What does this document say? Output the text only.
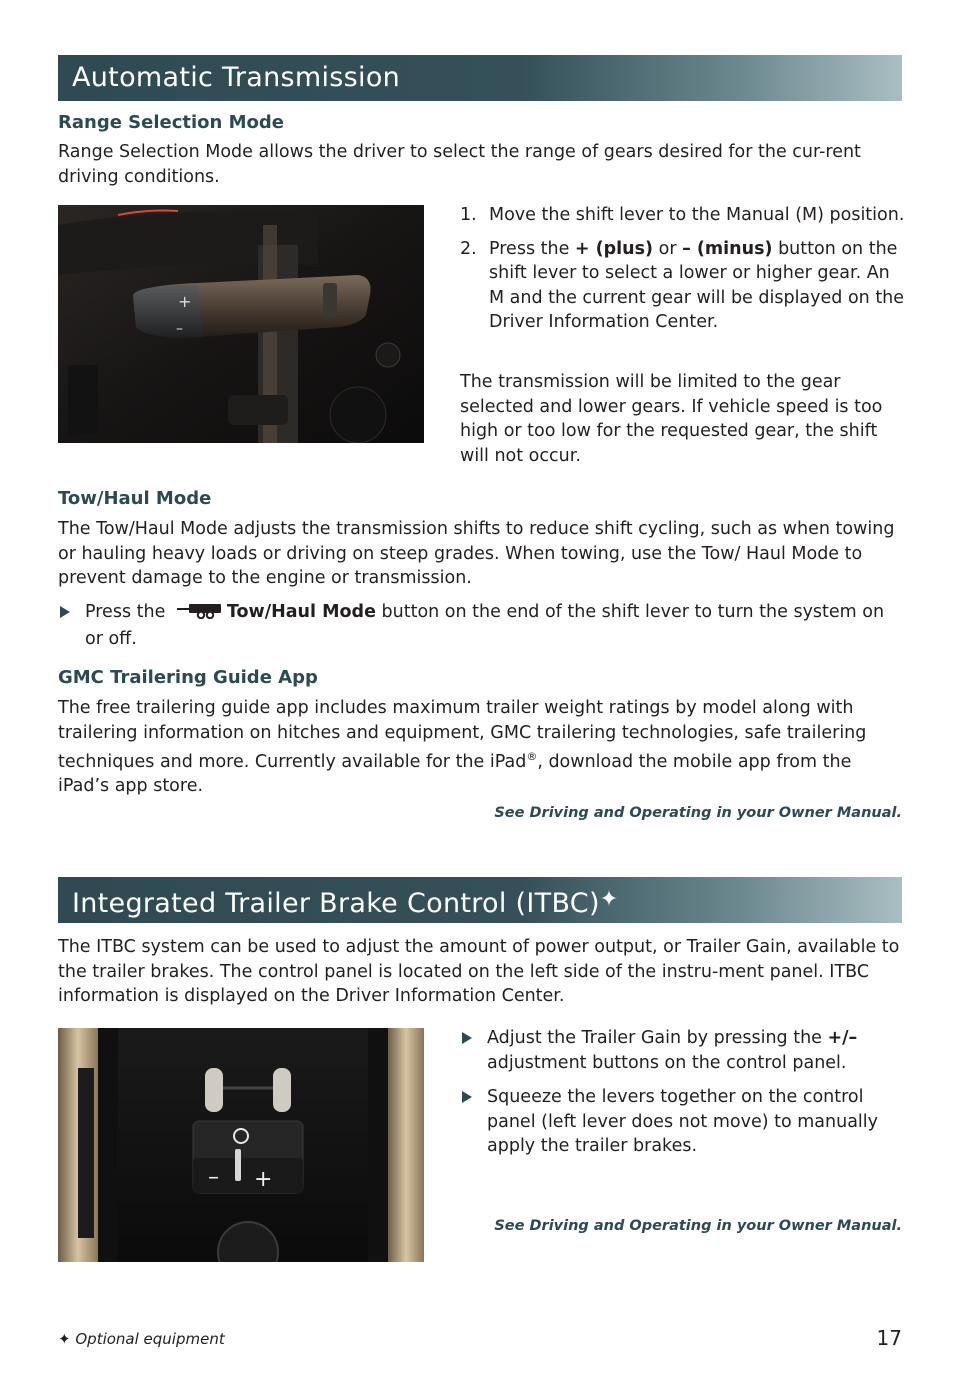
Automatic Transmission
Range Selection Mode

Range Selection Mode allows the driver to select the range of gears desired for the cur-rent driving conditions.

+
–
1. Move the shift lever to the Manual (M) position.
2. Press the + (plus) or – (minus) button on the shift lever to select a lower or higher gear. An M and the current gear will be displayed on the Driver Information Center.

The transmission will be limited to the gear selected and lower gears. If vehicle speed is too high or too low for the requested gear, the shift will not occur.

Tow/Haul Mode

The Tow/Haul Mode adjusts the transmission shifts to reduce shift cycling, such as when towing or hauling heavy loads or driving on steep grades. When towing, use the Tow/ Haul Mode to prevent damage to the engine or transmission.

Press the	Tow/Haul Mode button on the end of the shift lever to turn the system on or off.
GMC Trailering Guide App

The free trailering guide app includes maximum trailer weight ratings by model along with trailering information on hitches and equipment, GMC trailering technologies, safe trailering techniques and more. Currently available for the iPad®, download the mobile app from the iPad’s app store.

See Driving and Operating in your Owner Manual.
Integrated Trailer Brake Control (ITBC)✦

The ITBC system can be used to adjust the amount of power output, or Trailer Gain, available to the trailer brakes. The control panel is located on the left side of the instru-ment panel. ITBC information is displayed on the Driver Information Center.

– +
Adjust the Trailer Gain by pressing the +/– adjustment buttons on the control panel.
Squeeze the levers together on the control panel (left lever does not move) to manually apply the trailer brakes.
See Driving and Operating in your Owner Manual.
✦ Optional equipment	17
